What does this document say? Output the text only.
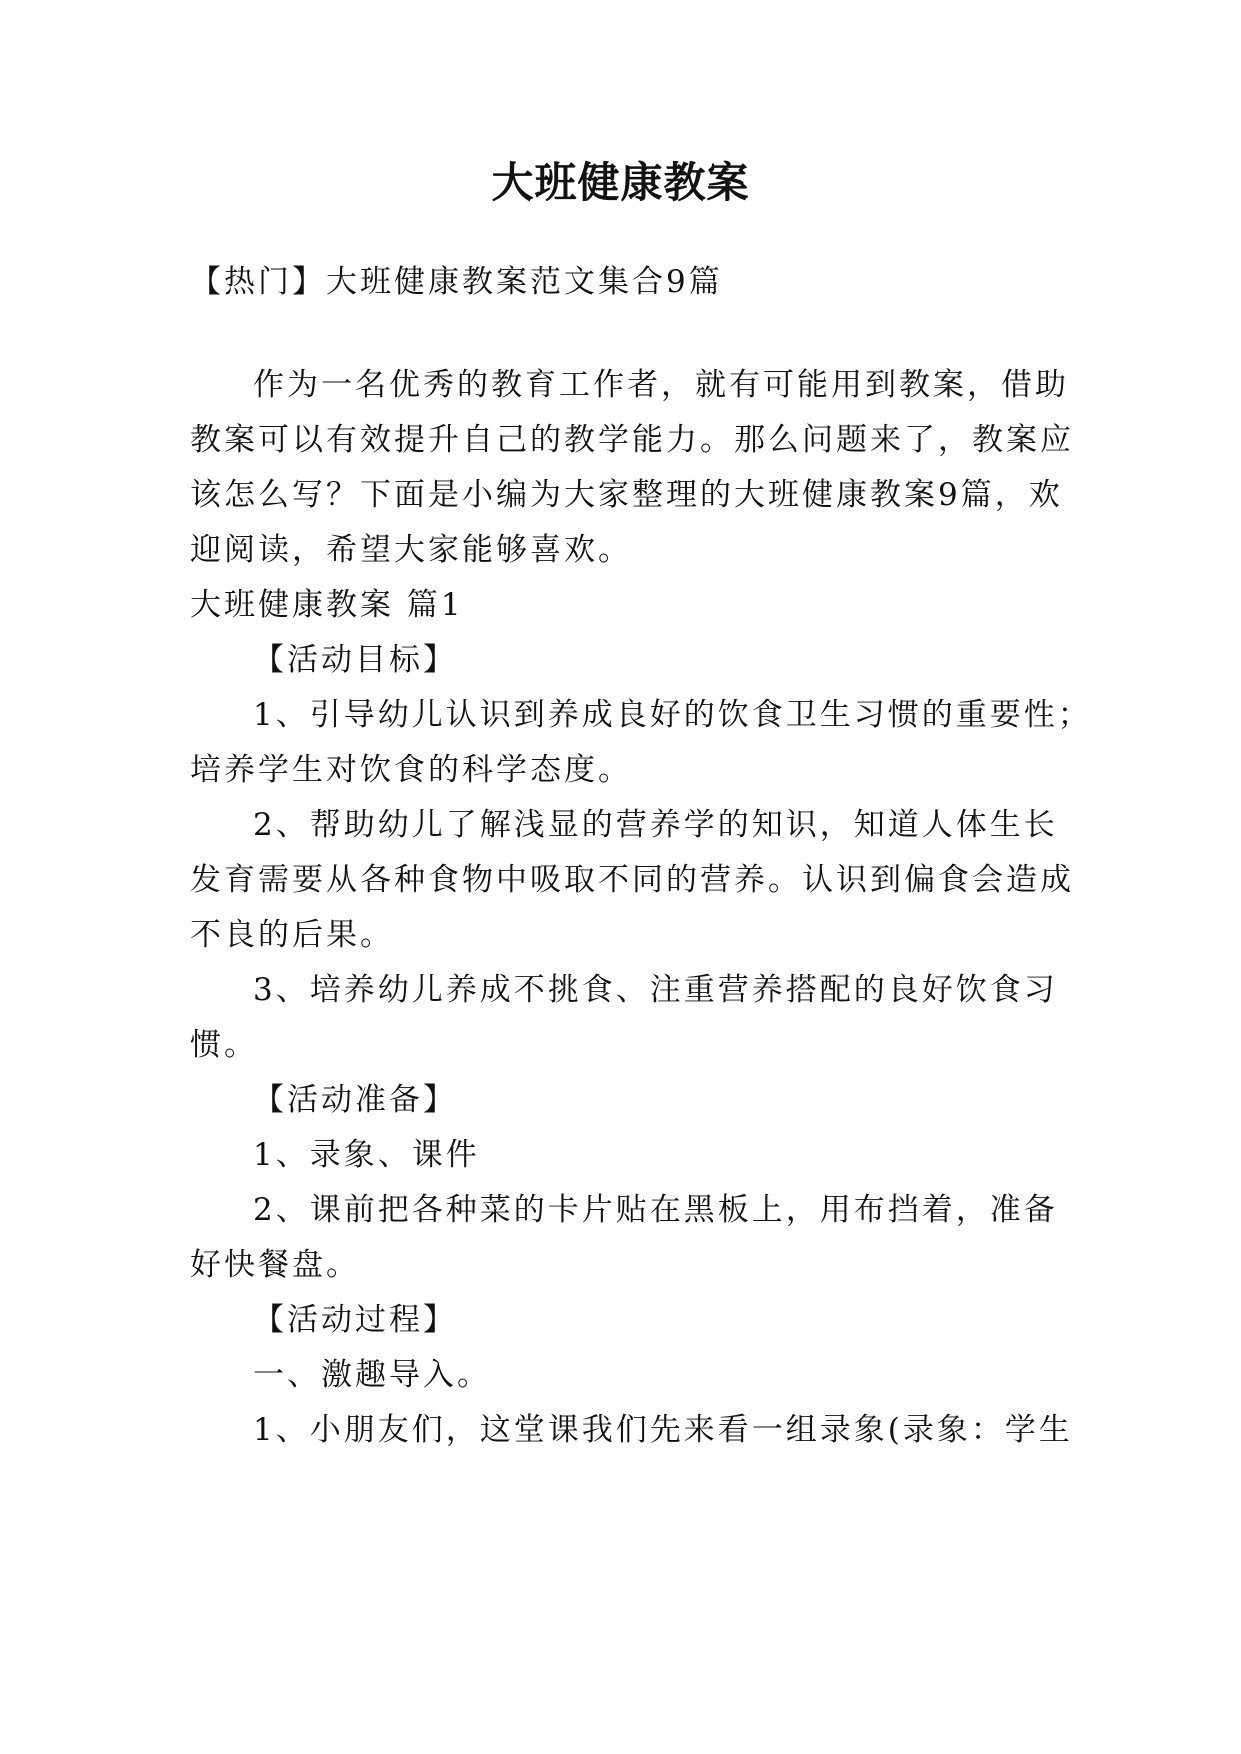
大班健康教案
【热门】大班健康教案范文集合9篇
作为一名优秀的教育工作者，就有可能用到教案，借助
教案可以有效提升自己的教学能力。那么问题来了，教案应
该怎么写？下面是小编为大家整理的大班健康教案9篇，欢
迎阅读，希望大家能够喜欢。
大班健康教案 篇1
【活动目标】
1、引导幼儿认识到养成良好的饮食卫生习惯的重要性；
培养学生对饮食的科学态度。
2、帮助幼儿了解浅显的营养学的知识，知道人体生长
发育需要从各种食物中吸取不同的营养。认识到偏食会造成
不良的后果。
3、培养幼儿养成不挑食、注重营养搭配的良好饮食习
惯。
【活动准备】
1、录象、课件
2、课前把各种菜的卡片贴在黑板上，用布挡着，准备
好快餐盘。
【活动过程】
一、激趣导入。
1、小朋友们，这堂课我们先来看一组录象(录象：学生
